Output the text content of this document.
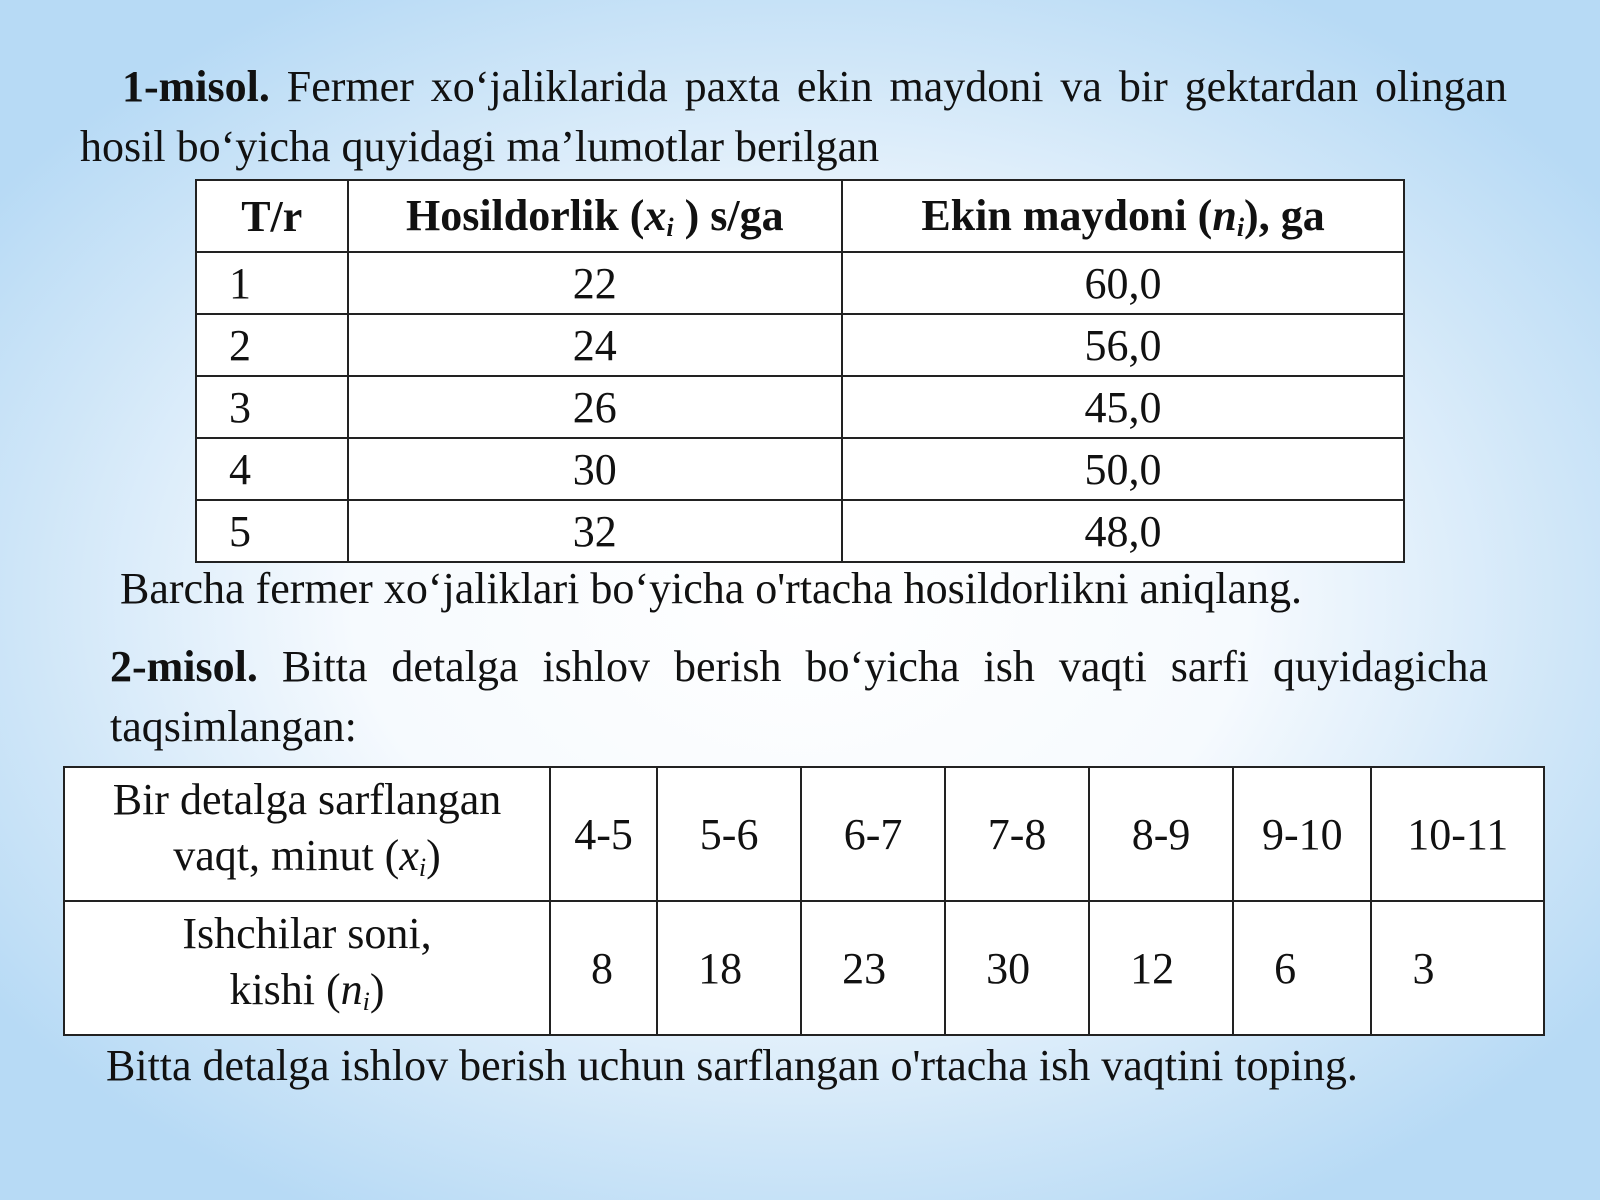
1-misol. Fermer xo‘jaliklarida paxta ekin maydoni va bir gektardan olingan hosil bo‘yicha quyidagi ma’lumotlar berilgan

T/r	Hosildorlik ($x_i$ ) s/ga	Ekin maydoni $(n_i)$, ga
1	22	60,0
2	24	56,0
3	26	45,0
4	30	50,0
5	32	48,0

Barcha fermer xo‘jaliklari bo‘yicha o'rtacha hosildorlikni aniqlang.

2-misol. Bitta detalga ishlov berish bo‘yicha ish vaqti sarfi quyidagicha taqsimlangan:

Bir detalga sarflangan
vaqt, minut $(x_i)$	4-5	5-6	6-7	7-8	8-9	9-10	10-11
Ishchilar soni,
kishi $(n_i)$	8	18	23	30	12	6	3

Bitta detalga ishlov berish uchun sarflangan o'rtacha ish vaqtini toping.
